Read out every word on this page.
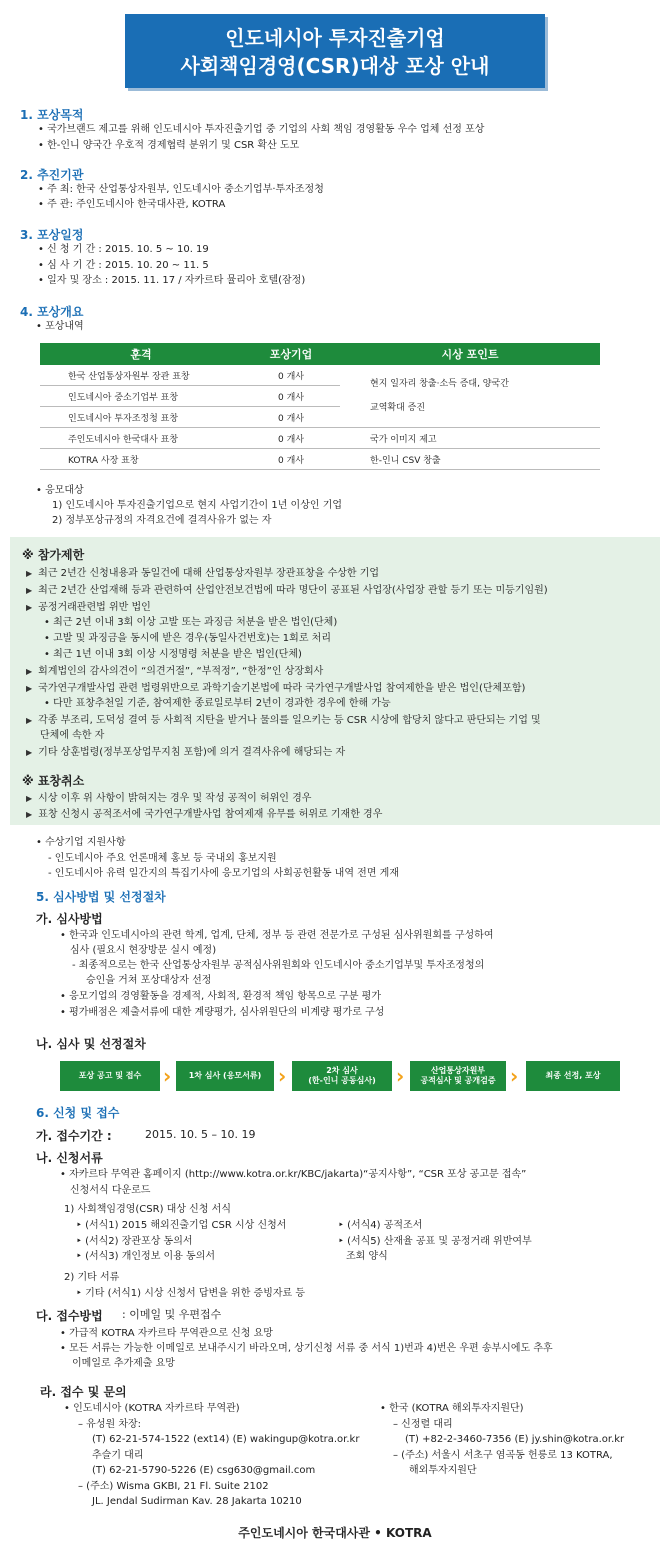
인도네시아 투자진출기업
사회책임경영(CSR)대상 포상 안내
1. 포상목적
• 국가브랜드 제고를 위해 인도네시아 투자진출기업 중 기업의 사회 책임 경영활동 우수 업체 선정 포상
• 한-인니 양국간 우호적 경제협력 분위기 및 CSR 확산 도모
2. 추진기관
• 주 최: 한국 산업통상자원부, 인도네시아 중소기업부·투자조정청
• 주 관: 주인도네시아 한국대사관, KOTRA
3. 포상일정
• 신 청 기 간 : 2015. 10. 5 ~ 10. 19
• 심 사 기 간 : 2015. 10. 20 ~ 11. 5
• 일자 및 장소 : 2015. 11. 17 / 자카르타 뮬리아 호텔(잠정)
4. 포상개요
• 포상내역
훈격	포상기업	시상 포인트
한국 산업통상자원부 장관 표창	0 개사	현지 일자리 창출·소득 증대, 양국간
교역확대 증진

인도네시아 중소기업부 표창	0 개사	
인도네시아 투자조정청 표창	0 개사	
주인도네시아 한국대사 표창	0 개사	국가 이미지 제고
KOTRA 사장 표창	0 개사	한-인니 CSV 창출
• 응모대상
1) 인도네시아 투자진출기업으로 현지 사업기간이 1년 이상인 기업
2) 정부포상규정의 자격요건에 결격사유가 없는 자
※ 참가제한
▶ 최근 2년간 신청내용과 동일건에 대해 산업통상자원부 장관표창을 수상한 기업
▶ 최근 2년간 산업재해 등과 관련하여 산업안전보건법에 따라 명단이 공표된 사업장(사업장 관할 등기 또는 미등기임원)
▶ 공정거래관련법 위반 법인
• 최근 2년 이내 3회 이상 고발 또는 과징금 처분을 받은 법인(단체)
• 고발 및 과징금을 동시에 받은 경우(동일사건번호)는 1회로 처리
• 최근 1년 이내 3회 이상 시정명령 처분을 받은 법인(단체)
▶ 회계법인의 감사의견이 “의견거절”, “부적정”, “한정”인 상장회사
▶ 국가연구개발사업 관련 법령위반으로 과학기술기본법에 따라 국가연구개발사업 참여제한을 받은 법인(단체포함)
• 다만 표창추천일 기준, 참여제한 종료일로부터 2년이 경과한 경우에 한해 가능
▶ 각종 부조리, 도덕성 결여 등 사회적 지탄을 받거나 물의를 일으키는 등 CSR 시상에 합당치 않다고 판단되는 기업 및
단체에 속한 자
▶ 기타 상훈법령(정부포상업무지침 포함)에 의거 결격사유에 해당되는 자
※ 표창취소
▶ 시상 이후 위 사항이 밝혀지는 경우 및 작성 공적이 허위인 경우
▶ 표창 신청시 공적조서에 국가연구개발사업 참여제재 유무를 허위로 기재한 경우
• 수상기업 지원사항
- 인도네시아 주요 언론매체 홍보 등 국내외 홍보지원
- 인도네시아 유력 일간지의 특집기사에 응모기업의 사회공헌활동 내역 전면 게재
5. 심사방법 및 선정절차
가. 심사방법
• 한국과 인도네시아의 관련 학계, 업계, 단체, 정부 등 관련 전문가로 구성된 심사위원회를 구성하여
심사 (필요시 현장방문 실시 예정)
- 최종적으로는 한국 산업통상자원부 공적심사위원회와 인도네시아 중소기업부및 투자조정청의
승인을 거쳐 포상대상자 선정
• 응모기업의 경영활동을 경제적, 사회적, 환경적 책임 항목으로 구분 평가
• 평가배점은 제출서류에 대한 계량평가, 심사위원단의 비계량 평가로 구성
나. 심사 및 선정절차
포상 공고 및 접수	›	1차 심사 (응모서류) ›	2차 심사
(한-인니 공동심사) ›	산업통상자원부
공적심사 및 공개검증 ›	최종 선정, 포상
6. 신청 및 접수
가. 접수기간 :	2015. 10. 5 – 10. 19
나. 신청서류
• 자카르타 무역관 홈페이지 (http://www.kotra.or.kr/KBC/jakarta)“공지사항”, “CSR 포상 공고문 접속”
신청서식 다운로드
1) 사회책임경영(CSR) 대상 신청 서식
‣ (서식1) 2015 해외진출기업 CSR 시상 신청서
‣ (서식2) 장관포상 동의서
‣ (서식3) 개인정보 이용 동의서
‣ (서식4) 공적조서
‣ (서식5) 산재율 공표 및 공정거래 위반여부
조회 양식
2) 기타 서류
‣ 기타 (서식1) 시상 신청서 답변을 위한 증빙자료 등
다. 접수방법 : 이메일 및 우편접수
• 가급적 KOTRA 자카르타 무역관으로 신청 요망
• 모든 서류는 가능한 이메일로 보내주시기 바라오며, 상기신청 서류 중 서식 1)번과 4)번은 우편 송부시에도 추후
이메일로 추가제출 요망
라. 접수 및 문의
• 인도네시아 (KOTRA 자카르타 무역관)
– 유성원 차장:
(T) 62-21-574-1522 (ext14) (E) wakingup@kotra.or.kr
추슬기 대리
(T) 62-21-5790-5226 (E) csg630@gmail.com
– (주소) Wisma GKBI, 21 Fl. Suite 2102
JL. Jendal Sudirman Kav. 28 Jakarta 10210
• 한국 (KOTRA 해외투자지원단)
– 신정렬 대리
(T) +82-2-3460-7356 (E) jy.shin@kotra.or.kr
– (주소) 서울시 서초구 염곡동 헌릉로 13 KOTRA,
해외투자지원단
주인도네시아 한국대사관 • KOTRA
